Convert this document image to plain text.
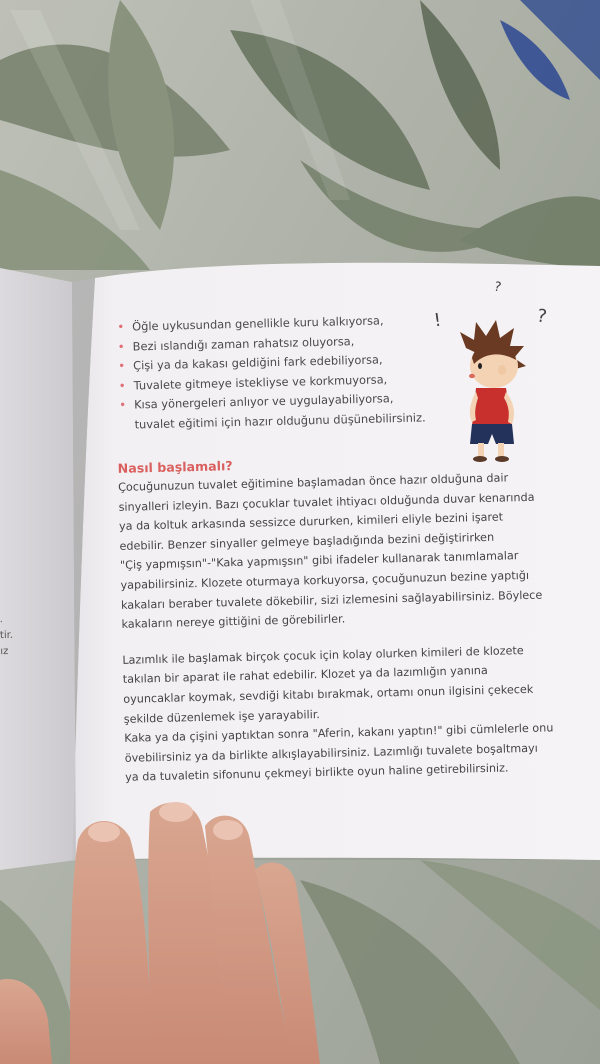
!
?
?
• Öğle uykusundan genellikle kuru kalkıyorsa,
• Bezi ıslandığı zaman rahatsız oluyorsa,
• Çişi ya da kakası geldiğini fark edebiliyorsa,
• Tuvalete gitmeye istekliyse ve korkmuyorsa,
• Kısa yönergeleri anlıyor ve uygulayabiliyorsa,

tuvalet eğitimi için hazır olduğunu düşünebilirsiniz.

Nasıl başlamalı?
Çocuğunuzun tuvalet eğitimine başlamadan önce hazır olduğuna dair
sinyalleri izleyin. Bazı çocuklar tuvalet ihtiyacı olduğunda duvar kenarında
ya da koltuk arkasında sessizce dururken, kimileri eliyle bezini işaret
edebilir. Benzer sinyaller gelmeye başladığında bezini değiştirirken
"Çiş yapmışsın"-"Kaka yapmışsın" gibi ifadeler kullanarak tanımlamalar
yapabilirsiniz. Klozete oturmaya korkuyorsa, çocuğunuzun bezine yaptığı
kakaları beraber tuvalete dökebilir, sizi izlemesini sağlayabilirsiniz. Böylece
kakaların nereye gittiğini de görebilirler.
Lazımlık ile başlamak birçok çocuk için kolay olurken kimileri de klozete
takılan bir aparat ile rahat edebilir. Klozet ya da lazımlığın yanına
oyuncaklar koymak, sevdiği kitabı bırakmak, ortamı onun ilgisini çekecek
şekilde düzenlemek işe yarayabilir.
Kaka ya da çişini yaptıktan sonra "Aferin, kakanı yaptın!" gibi cümlelerle onu
övebilirsiniz ya da birlikte alkışlayabilirsiniz. Lazımlığı tuvalete boşaltmayı
ya da tuvaletin sifonunu çekmeyi birlikte oyun haline getirebilirsiniz.
.
tir.
ız
